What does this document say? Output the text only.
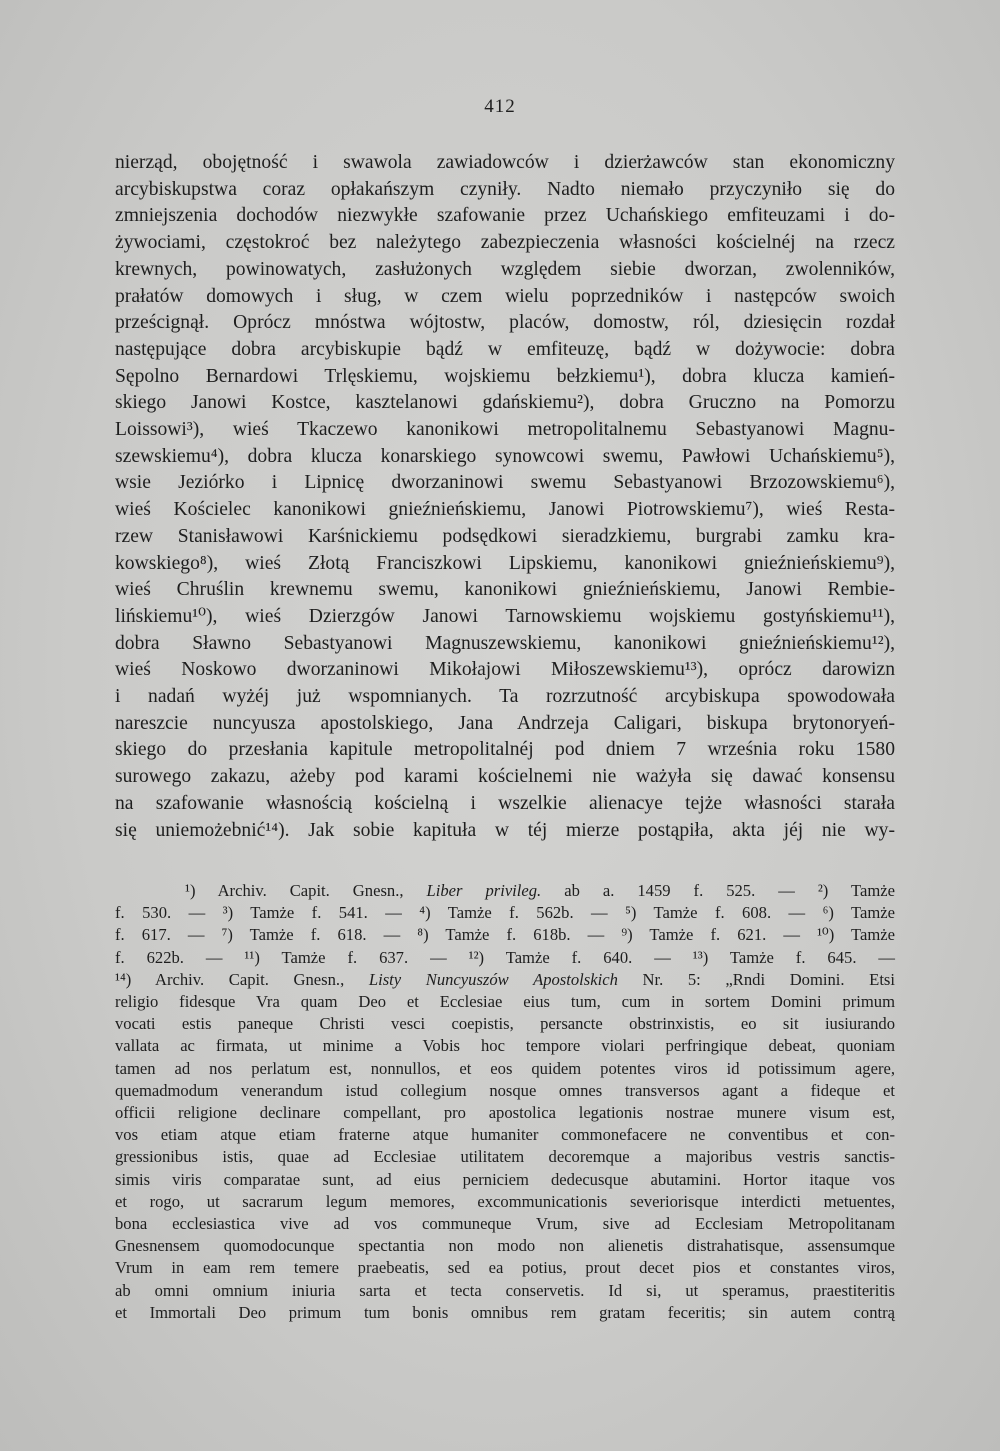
412
nierząd, obojętność i swawola zawiadowców i dzierżawców stan ekonomiczny
arcybiskupstwa coraz opłakańszym czyniły. Nadto niemało przyczyniło się do
zmniejszenia dochodów niezwykłe szafowanie przez Uchańskiego emfiteuzami i do-
żywociami, częstokroć bez należytego zabezpieczenia własności kościelnéj na rzecz
krewnych, powinowatych, zasłużonych względem siebie dworzan, zwolenników,
prałatów domowych i sług, w czem wielu poprzedników i następców swoich
prześcignął. Oprócz mnóstwa wójtostw, placów, domostw, ról, dziesięcin rozdał
następujące dobra arcybiskupie bądź w emfiteuzę, bądź w dożywocie: dobra
Sępolno Bernardowi Trlęskiemu, wojskiemu bełzkiemu¹), dobra klucza kamień-
skiego Janowi Kostce, kasztelanowi gdańskiemu²), dobra Gruczno na Pomorzu
Loissowi³), wieś Tkaczewo kanonikowi metropolitalnemu Sebastyanowi Magnu-
szewskiemu⁴), dobra klucza konarskiego synowcowi swemu, Pawłowi Uchańskiemu⁵),
wsie Jeziórko i Lipnicę dworzaninowi swemu Sebastyanowi Brzozowskiemu⁶),
wieś Kościelec kanonikowi gnieźnieńskiemu, Janowi Piotrowskiemu⁷), wieś Resta-
rzew Stanisławowi Karśnickiemu podsędkowi sieradzkiemu, burgrabi zamku kra-
kowskiego⁸), wieś Złotą Franciszkowi Lipskiemu, kanonikowi gnieźnieńskiemu⁹),
wieś Chruślin krewnemu swemu, kanonikowi gnieźnieńskiemu, Janowi Rembie-
lińskiemu¹⁰), wieś Dzierzgów Janowi Tarnowskiemu wojskiemu gostyńskiemu¹¹),
dobra Sławno Sebastyanowi Magnuszewskiemu, kanonikowi gnieźnieńskiemu¹²),
wieś Noskowo dworzaninowi Mikołajowi Miłoszewskiemu¹³), oprócz darowizn
i nadań wyżéj już wspomnianych. Ta rozrzutność arcybiskupa spowodowała
nareszcie nuncyusza apostolskiego, Jana Andrzeja Caligari, biskupa brytonoryeń-
skiego do przesłania kapitule metropolitalnéj pod dniem 7 września roku 1580
surowego zakazu, ażeby pod karami kościelnemi nie ważyła się dawać konsensu
na szafowanie własnością kościelną i wszelkie alienacye tejże własności starała
się uniemożebnić¹⁴). Jak sobie kapituła w téj mierze postąpiła, akta jéj nie wy-
¹) Archiv. Capit. Gnesn., Liber privileg. ab a. 1459 f. 525. — ²) Tamże
f. 530. — ³) Tamże f. 541. — ⁴) Tamże f. 562b. — ⁵) Tamże f. 608. — ⁶) Tamże
f. 617. — ⁷) Tamże f. 618. — ⁸) Tamże f. 618b. — ⁹) Tamże f. 621. — ¹⁰) Tamże
f. 622b. — ¹¹) Tamże f. 637. — ¹²) Tamże f. 640. — ¹³) Tamże f. 645. —
¹⁴) Archiv. Capit. Gnesn., Listy Nuncyuszów Apostolskich Nr. 5: „Rndi Domini. Etsi
religio fidesque Vra quam Deo et Ecclesiae eius tum, cum in sortem Domini primum
vocati estis paneque Christi vesci coepistis, persancte obstrinxistis, eo sit iusiurando
vallata ac firmata, ut minime a Vobis hoc tempore violari perfringique debeat, quoniam
tamen ad nos perlatum est, nonnullos, et eos quidem potentes viros id potissimum agere,
quemadmodum venerandum istud collegium nosque omnes transversos agant a fideque et
officii religione declinare compellant, pro apostolica legationis nostrae munere visum est,
vos etiam atque etiam fraterne atque humaniter commonefacere ne conventibus et con-
gressionibus istis, quae ad Ecclesiae utilitatem decoremque a majoribus vestris sanctis-
simis viris comparatae sunt, ad eius perniciem dedecusque abutamini. Hortor itaque vos
et rogo, ut sacrarum legum memores, excommunicationis severiorisque interdicti metuentes,
bona ecclesiastica vive ad vos communeque Vrum, sive ad Ecclesiam Metropolitanam
Gnesnensem quomodocunque spectantia non modo non alienetis distrahatisque, assensumque
Vrum in eam rem temere praebeatis, sed ea potius, prout decet pios et constantes viros,
ab omni omnium iniuria sarta et tecta conservetis. Id si, ut speramus, praestiteritis
et Immortali Deo primum tum bonis omnibus rem gratam feceritis; sin autem contrą
